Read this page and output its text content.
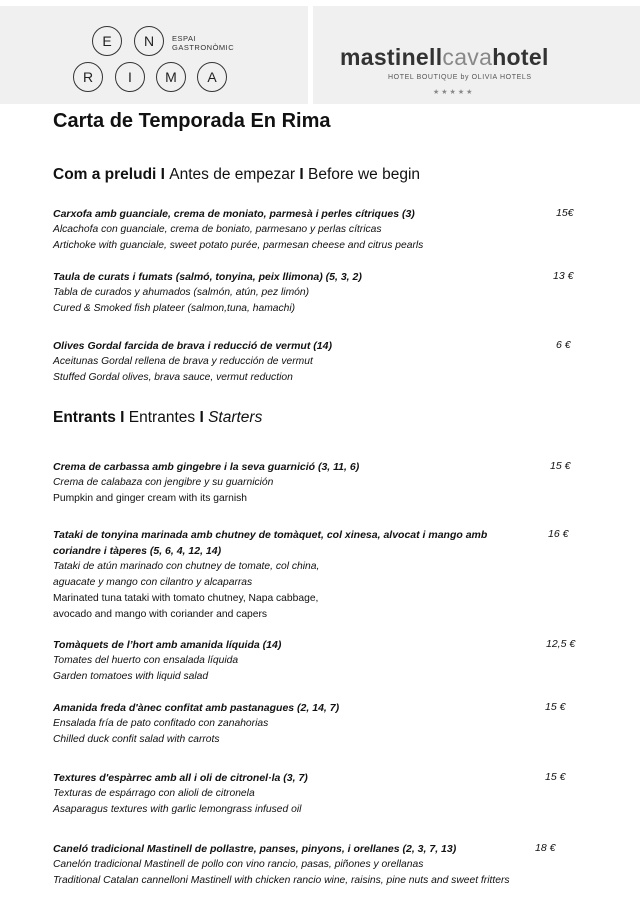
E	N
R	I	M	A
ESPAI
GASTRONÒMIC	mastinellcavahotel
HOTEL BOUTIQUE by OLIVIA HOTELS
★★★★★
Carta de Temporada En Rima
Com a preludi I Antes de empezar I Before we begin
Carxofa amb guanciale, crema de moniato, parmesà i perles cítriques (3)
Alcachofa con guanciale, crema de boniato, parmesano y perlas cítricas
Artichoke with guanciale, sweet potato purée, parmesan cheese and citrus pearls
15€
Taula de curats i fumats (salmó, tonyina, peix llimona) (5, 3, 2)
Tabla de curados y ahumados (salmón, atún, pez limón)
Cured & Smoked fish plateer (salmon,tuna, hamachi)
13 €
Olives Gordal farcida de brava i reducció de vermut (14)
Aceitunas Gordal rellena de brava y reducción de vermut
Stuffed Gordal olives, brava sauce, vermut reduction
6 €
Entrants I Entrantes I Starters
Crema de carbassa amb gingebre i la seva guarnició (3, 11, 6)
Crema de calabaza con jengibre y su guarnición
Pumpkin and ginger cream with its garnish
15 €
Tataki de tonyina marinada amb chutney de tomàquet, col xinesa, alvocat i mango amb coriandre i tàperes (5, 6, 4, 12, 14)
Tataki de atún marinado con chutney de tomate, col china, aguacate y mango con cilantro y alcaparras
Marinated tuna tataki with tomato chutney, Napa cabbage, avocado and mango with coriander and capers
16 €
Tomàquets de l’hort amb amanida líquida (14)
Tomates del huerto con ensalada líquida
Garden tomatoes with liquid salad
12,5 €
Amanida freda d'ànec confitat amb pastanagues (2, 14, 7)
Ensalada fría de pato confitado con zanahorias
Chilled duck confit salad with carrots
15 €
Textures d'espàrrec amb all i oli de citronel·la (3, 7)
Texturas de espárrago con alioli de citronela
Asaparagus textures with garlic lemongrass infused oil
15 €
Caneló tradicional Mastinell de pollastre, panses, pinyons, i orellanes (2, 3, 7, 13)
Canelón tradicional Mastinell de pollo con vino rancio, pasas, piñones y orellanas
Traditional Catalan cannelloni Mastinell with chicken rancio wine, raisins, pine nuts and sweet fritters
18 €
